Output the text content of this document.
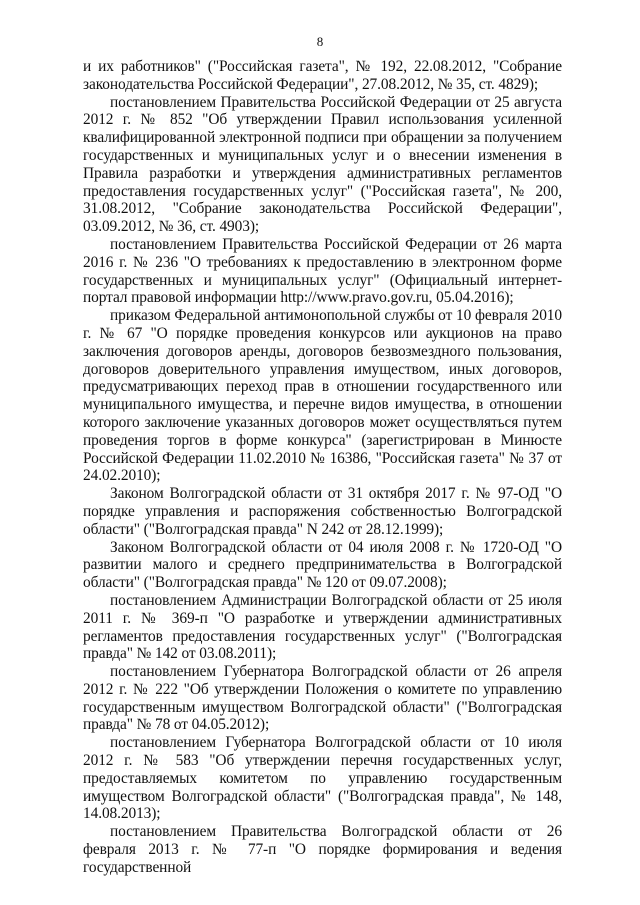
8

и их работников" ("Российская газета", № 192, 22.08.2012, "Собрание законодательства Российской Федерации", 27.08.2012, № 35, ст. 4829);

постановлением Правительства Российской Федерации от 25 августа 2012 г. № 852 "Об утверждении Правил использования усиленной квалифицированной электронной подписи при обращении за получением государственных и муниципальных услуг и о внесении изменения в Правила разработки и утверждения административных регламентов предоставления государственных услуг" ("Российская газета", № 200, 31.08.2012, "Собрание законодательства Российской Федерации", 03.09.2012, № 36, ст. 4903);

постановлением Правительства Российской Федерации от 26 марта 2016 г. № 236 "О требованиях к предоставлению в электронном форме государственных и муниципальных услуг" (Официальный интернет-портал правовой информации http://www.pravo.gov.ru, 05.04.2016);

приказом Федеральной антимонопольной службы от 10 февраля 2010 г. № 67 "О порядке проведения конкурсов или аукционов на право заключения договоров аренды, договоров безвозмездного пользования, договоров доверительного управления имуществом, иных договоров, предусматривающих переход прав в отношении государственного или муниципального имущества, и перечне видов имущества, в отношении которого заключение указанных договоров может осуществляться путем проведения торгов в форме конкурса" (зарегистрирован в Минюсте Российской Федерации 11.02.2010 № 16386, "Российская газета" № 37 от 24.02.2010);

Законом Волгоградской области от 31 октября 2017 г. № 97-ОД "О порядке управления и распоряжения собственностью Волгоградской области" ("Волгоградская правда" N 242 от 28.12.1999);

Законом Волгоградской области от 04 июля 2008 г. № 1720-ОД "О развитии малого и среднего предпринимательства в Волгоградской области" ("Волгоградская правда" № 120 от 09.07.2008);

постановлением Администрации Волгоградской области от 25 июля 2011 г. № 369-п "О разработке и утверждении административных регламентов предоставления государственных услуг" ("Волгоградская правда" № 142 от 03.08.2011);

постановлением Губернатора Волгоградской области от 26 апреля 2012 г. № 222 "Об утверждении Положения о комитете по управлению государственным имуществом Волгоградской области" ("Волгоградская правда" № 78 от 04.05.2012);

постановлением Губернатора Волгоградской области от 10 июля 2012 г. № 583 "Об утверждении перечня государственных услуг, предоставляемых комитетом по управлению государственным имуществом Волгоградской области" ("Волгоградская правда", № 148, 14.08.2013);

постановлением Правительства Волгоградской области от 26 февраля 2013 г. № 77-п "О порядке формирования и ведения государственной
